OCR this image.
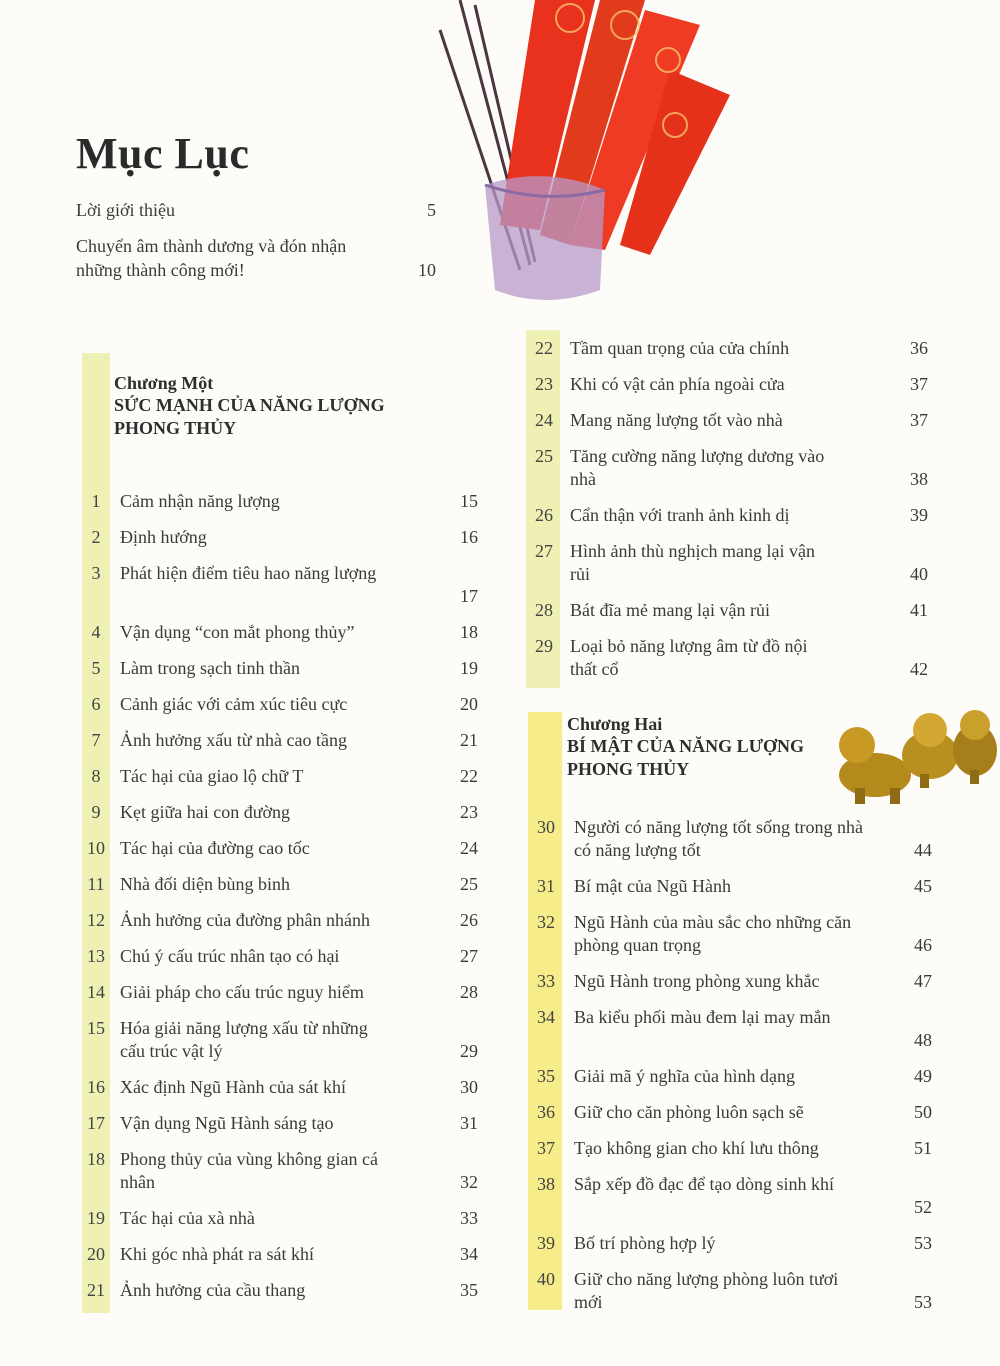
Mục Lục
Lời giới thiệu	5
Chuyển âm thành dương và đón nhận những thành công mới!	10
Chương Một
SỨC MẠNH CỦA NĂNG LƯỢNG PHONG THỦY
1	Cảm nhận năng lượng	15
2	Định hướng	16
3	Phát hiện điểm tiêu hao năng lượng
17
4	Vận dụng “con mắt phong thủy”	18
5	Làm trong sạch tinh thần	19
6	Cảnh giác với cảm xúc tiêu cực	20
7	Ảnh hưởng xấu từ nhà cao tầng	21
8	Tác hại của giao lộ chữ T	22
9	Kẹt giữa hai con đường	23
10 Tác hại của đường cao tốc	24
11 Nhà đối diện bùng binh	25
12 Ảnh hưởng của đường phân nhánh	26
13 Chú ý cấu trúc nhân tạo có hại	27
14 Giải pháp cho cấu trúc nguy hiểm	28
15 Hóa giải năng lượng xấu từ những cấu trúc vật lý	29
16 Xác định Ngũ Hành của sát khí	30
17 Vận dụng Ngũ Hành sáng tạo	31
18 Phong thủy của vùng không gian cá nhân	32
19 Tác hại của xà nhà	33
20 Khi góc nhà phát ra sát khí	34
21 Ảnh hưởng của cầu thang	35
22 Tầm quan trọng của cửa chính	36
23 Khi có vật cản phía ngoài cửa	37
24 Mang năng lượng tốt vào nhà	37
25 Tăng cường năng lượng dương vào nhà	38
26 Cẩn thận với tranh ảnh kinh dị	39
27 Hình ảnh thù nghịch mang lại vận rủi	40
28 Bát đĩa mẻ mang lại vận rủi	41
29 Loại bỏ năng lượng âm từ đồ nội thất cổ	42
Chương Hai
BÍ MẬT CỦA NĂNG LƯỢNG PHONG THỦY
30	Người có năng lượng tốt sống trong nhà có năng lượng tốt	44
31	Bí mật của Ngũ Hành	45
32	Ngũ Hành của màu sắc cho những căn phòng quan trọng	46
33	Ngũ Hành trong phòng xung khắc	47
34	Ba kiểu phối màu đem lại may mắn
48
35	Giải mã ý nghĩa của hình dạng	49
36	Giữ cho căn phòng luôn sạch sẽ	50
37	Tạo không gian cho khí lưu thông	51
38	Sắp xếp đồ đạc để tạo dòng sinh khí
52
39	Bố trí phòng hợp lý	53
40	Giữ cho năng lượng phòng luôn tươi mới	53
